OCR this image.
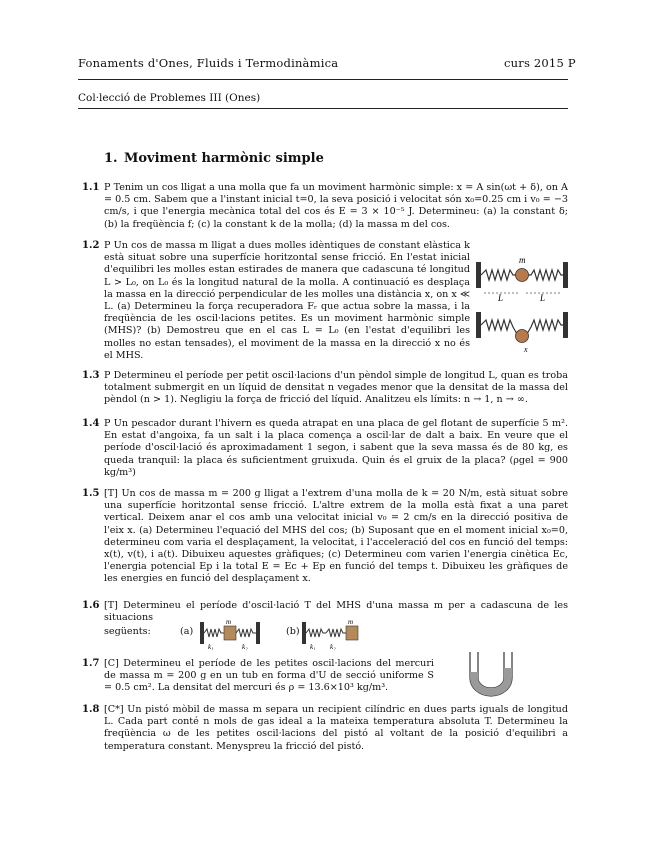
Fonaments d'Ones, Fluids i Termodinàmica	curs 2015 P
Col·lecció de Problemes III (Ones)
1. Moviment harmònic simple
1.1 P Tenim un cos lligat a una molla que fa un moviment harmònic simple: x = A sin(ωt + δ), on A = 0.5 cm. Sabem que a l'instant inicial t=0, la seva posició i velocitat són x₀=0.25 cm i v₀ = −3 cm/s, i que l'energia mecànica total del cos és E = 3 × 10⁻⁵ J. Determineu: (a) la constant δ; (b) la freqüència f; (c) la constant k de la molla; (d) la massa m del cos.
1.2 P Un cos de massa m lligat a dues molles idèntiques de constant elàstica k està situat sobre una superfície horitzontal sense fricció. En l'estat inicial d'equilibri les molles estan estirades de manera que cadascuna té longitud L > L₀, on L₀ és la longitud natural de la molla. A continuació es desplaça la massa en la direcció perpendicular de les molles una distància x, on x ≪ L. (a) Determineu la força recuperadora Fᵣ que actua sobre la massa, i la freqüència de les oscil·lacions petites. Es un moviment harmònic simple (MHS)? (b) Demostreu que en el cas L = L₀ (en l'estat d'equilibri les molles no estan tensades), el moviment de la massa en la direcció x no és el MHS.
m
L	L
x
1.3 P Determineu el període per petit oscil·lacions d'un pèndol simple de longitud L, quan es troba totalment submergit en un líquid de densitat n vegades menor que la densitat de la massa del pèndol (n > 1). Negligiu la força de fricció del líquid. Analitzeu els límits: n → 1, n → ∞.
1.4 P Un pescador durant l'hivern es queda atrapat en una placa de gel flotant de superfície 5 m². En estat d'angoixa, fa un salt i la placa comença a oscil·lar de dalt a baix. En veure que el període d'oscil·lació és aproximadament 1 segon, i sabent que la seva massa és de 80 kg, es queda tranquil: la placa és suficientment gruixuda. Quin és el gruix de la placa? (ρgel = 900 kg/m³)
1.5 [T] Un cos de massa m = 200 g lligat a l'extrem d'una molla de k = 20 N/m, està situat sobre una superfície horitzontal sense fricció. L'altre extrem de la molla està fixat a una paret vertical. Deixem anar el cos amb una velocitat inicial v₀ = 2 cm/s en la direcció positiva de l'eix x. (a) Determineu l'equació del MHS del cos; (b) Suposant que en el moment inicial x₀=0, determineu com varia el desplaçament, la velocitat, i l'acceleració del cos en funció del temps: x(t), v(t), i a(t). Dibuixeu aquestes gràfiques; (c) Determineu com varien l'energia cinètica Ec, l'energia potencial Ep i la total E = Ec + Ep en funció del temps t. Dibuixeu les gràfiques de les energies en funció del desplaçament x.
1.6 [T] Determineu el període d'oscil·lació T del MHS d'una massa m per a cadascuna de les situacions
següents:	(a)	(b)
m
k₁	k₂
m
k₁ k₂
1.7 [C] Determineu el període de les petites oscil·lacions del mercuri de massa m = 200 g en un tub en forma d'U de secció uniforme S = 0.5 cm². La densitat del mercuri és ρ = 13.6×10³ kg/m³.
1.8 [C*] Un pistó mòbil de massa m separa un recipient cilíndric en dues parts iguals de longitud L. Cada part conté n mols de gas ideal a la mateixa temperatura absoluta T. Determineu la freqüència ω de les petites oscil·lacions del pistó al voltant de la posició d'equilibri a temperatura constant. Menyspreu la fricció del pistó.
